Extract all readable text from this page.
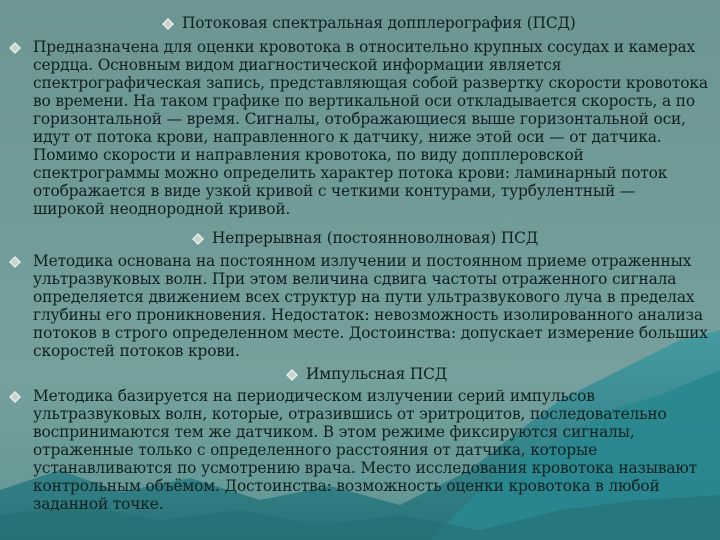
Потоковая спектральная допплерография (ПСД)
Предназначена для оценки кровотока в относительно крупных сосудах и камерах
сердца. Основным видом диагностической информации является
спектрографическая запись, представляющая собой развертку скорости кровотока
во времени. На таком графике по вертикальной оси откладывается скорость, а по
горизонтальной — время. Сигналы, отображающиеся выше горизонтальной оси,
идут от потока крови, направленного к датчику, ниже этой оси — от датчика.
Помимо скорости и направления кровотока, по виду допплеровской
спектрограммы можно определить характер потока крови: ламинарный поток
отображается в виде узкой кривой с четкими контурами, турбулентный —
широкой неоднородной кривой.
Непрерывная (постоянноволновая) ПСД
Методика основана на постоянном излучении и постоянном приеме отраженных
ультразвуковых волн. При этом величина сдвига частоты отраженного сигнала
определяется движением всех структур на пути ультразвукового луча в пределах
глубины его проникновения. Недостаток: невозможность изолированного анализа
потоков в строго определенном месте. Достоинства: допускает измерение больших
скоростей потоков крови.
Импульсная ПСД
Методика базируется на периодическом излучении серий импульсов
ультразвуковых волн, которые, отразившись от эритроцитов, последовательно
воспринимаются тем же датчиком. В этом режиме фиксируются сигналы,
отраженные только с определенного расстояния от датчика, которые
устанавливаются по усмотрению врача. Место исследования кровотока называют
контрольным объёмом. Достоинства: возможность оценки кровотока в любой
заданной точке.
